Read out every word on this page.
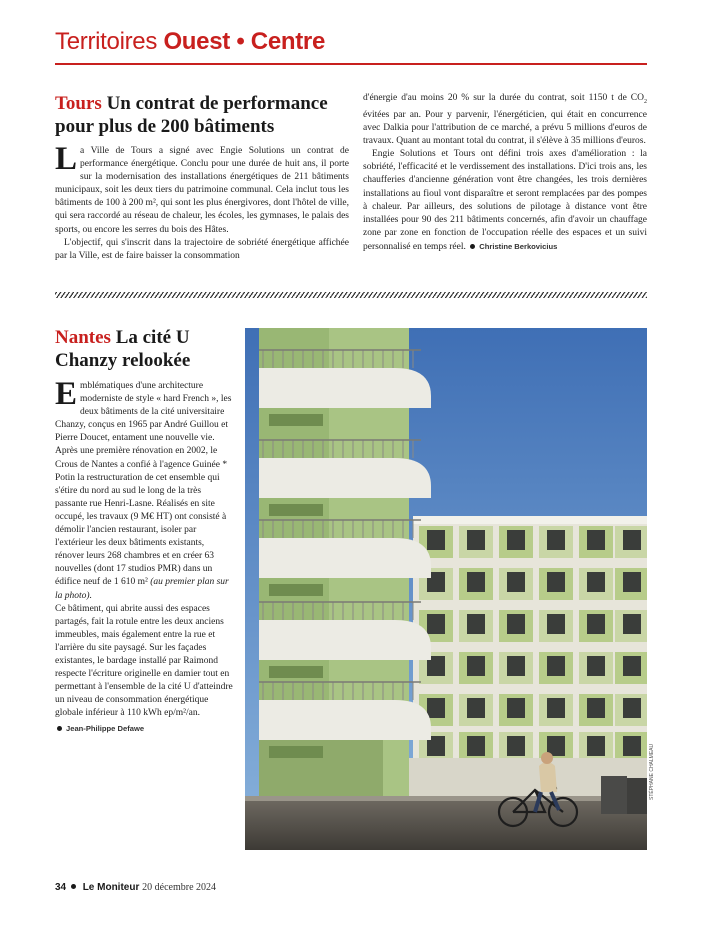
Territoires Ouest • Centre
Tours Un contrat de performance
pour plus de 200 bâtiments

La Ville de Tours a signé avec Engie Solutions un contrat de performance énergétique. Conclu pour une durée de huit ans, il porte sur la modernisation des installations énergétiques de 211 bâtiments municipaux, soit les deux tiers du patrimoine communal. Cela inclut tous les bâtiments de 100 à 200 m², qui sont les plus énergivores, dont l'hôtel de ville, qui sera raccordé au réseau de chaleur, les écoles, les gymnases, le palais des sports, ou encore les serres du bois des Hâtes.

L'objectif, qui s'inscrit dans la trajectoire de sobriété énergétique affichée par la Ville, est de faire baisser la consommation

d'énergie d'au moins 20 % sur la durée du contrat, soit 1150 t de $CO_2$ évitées par an. Pour y parvenir, l'énergéticien, qui était en concurrence avec Dalkia pour l'attribution de ce marché, a prévu 5 millions d'euros de travaux. Quant au montant total du contrat, il s'élève à 35 millions d'euros.

Engie Solutions et Tours ont défini trois axes d'amélioration : la sobriété, l'efficacité et le verdissement des installations. D'ici trois ans, les chaufferies d'ancienne génération vont être changées, les trois dernières installations au fioul vont disparaître et seront remplacées par des pompes à chaleur. Par ailleurs, des solutions de pilotage à distance vont être installées pour 90 des 211 bâtiments concernés, afin d'avoir un chauffage zone par zone en fonction de l'occupation réelle des espaces et un suivi personnalisé en temps réel. Christine Berkovicius

Nantes La cité U
Chanzy relookée

Emblématiques d'une architecture moderniste de style « hard French », les deux bâtiments de la cité universitaire Chanzy, conçus en 1965 par André Guillou et Pierre Doucet, entament une nouvelle vie. Après une première rénovation en 2002, le Crous de Nantes a confié à l'agence Guinée * Potin la restructuration de cet ensemble qui s'étire du nord au sud le long de la très passante rue Henri-Lasne. Réalisés en site occupé, les travaux (9 M€ HT) ont consisté à démolir l'ancien restaurant, isoler par l'extérieur les deux bâtiments existants, rénover leurs 268 chambres et en créer 63 nouvelles (dont 17 studios PMR) dans un édifice neuf de 1 610 m² (au premier plan sur la photo).

Ce bâtiment, qui abrite aussi des espaces partagés, fait la rotule entre les deux anciens immeubles, mais également entre la rue et l'arrière du site paysagé. Sur les façades existantes, le bardage installé par Raimond respecte l'écriture originelle en damier tout en permettant à l'ensemble de la cité U d'atteindre un niveau de consommation énergétique globale inférieur à 110 kWh ep/m²/an.

Jean-Philippe Defawe

STÉPHANE CHALMEAU
34 Le Moniteur 20 décembre 2024
